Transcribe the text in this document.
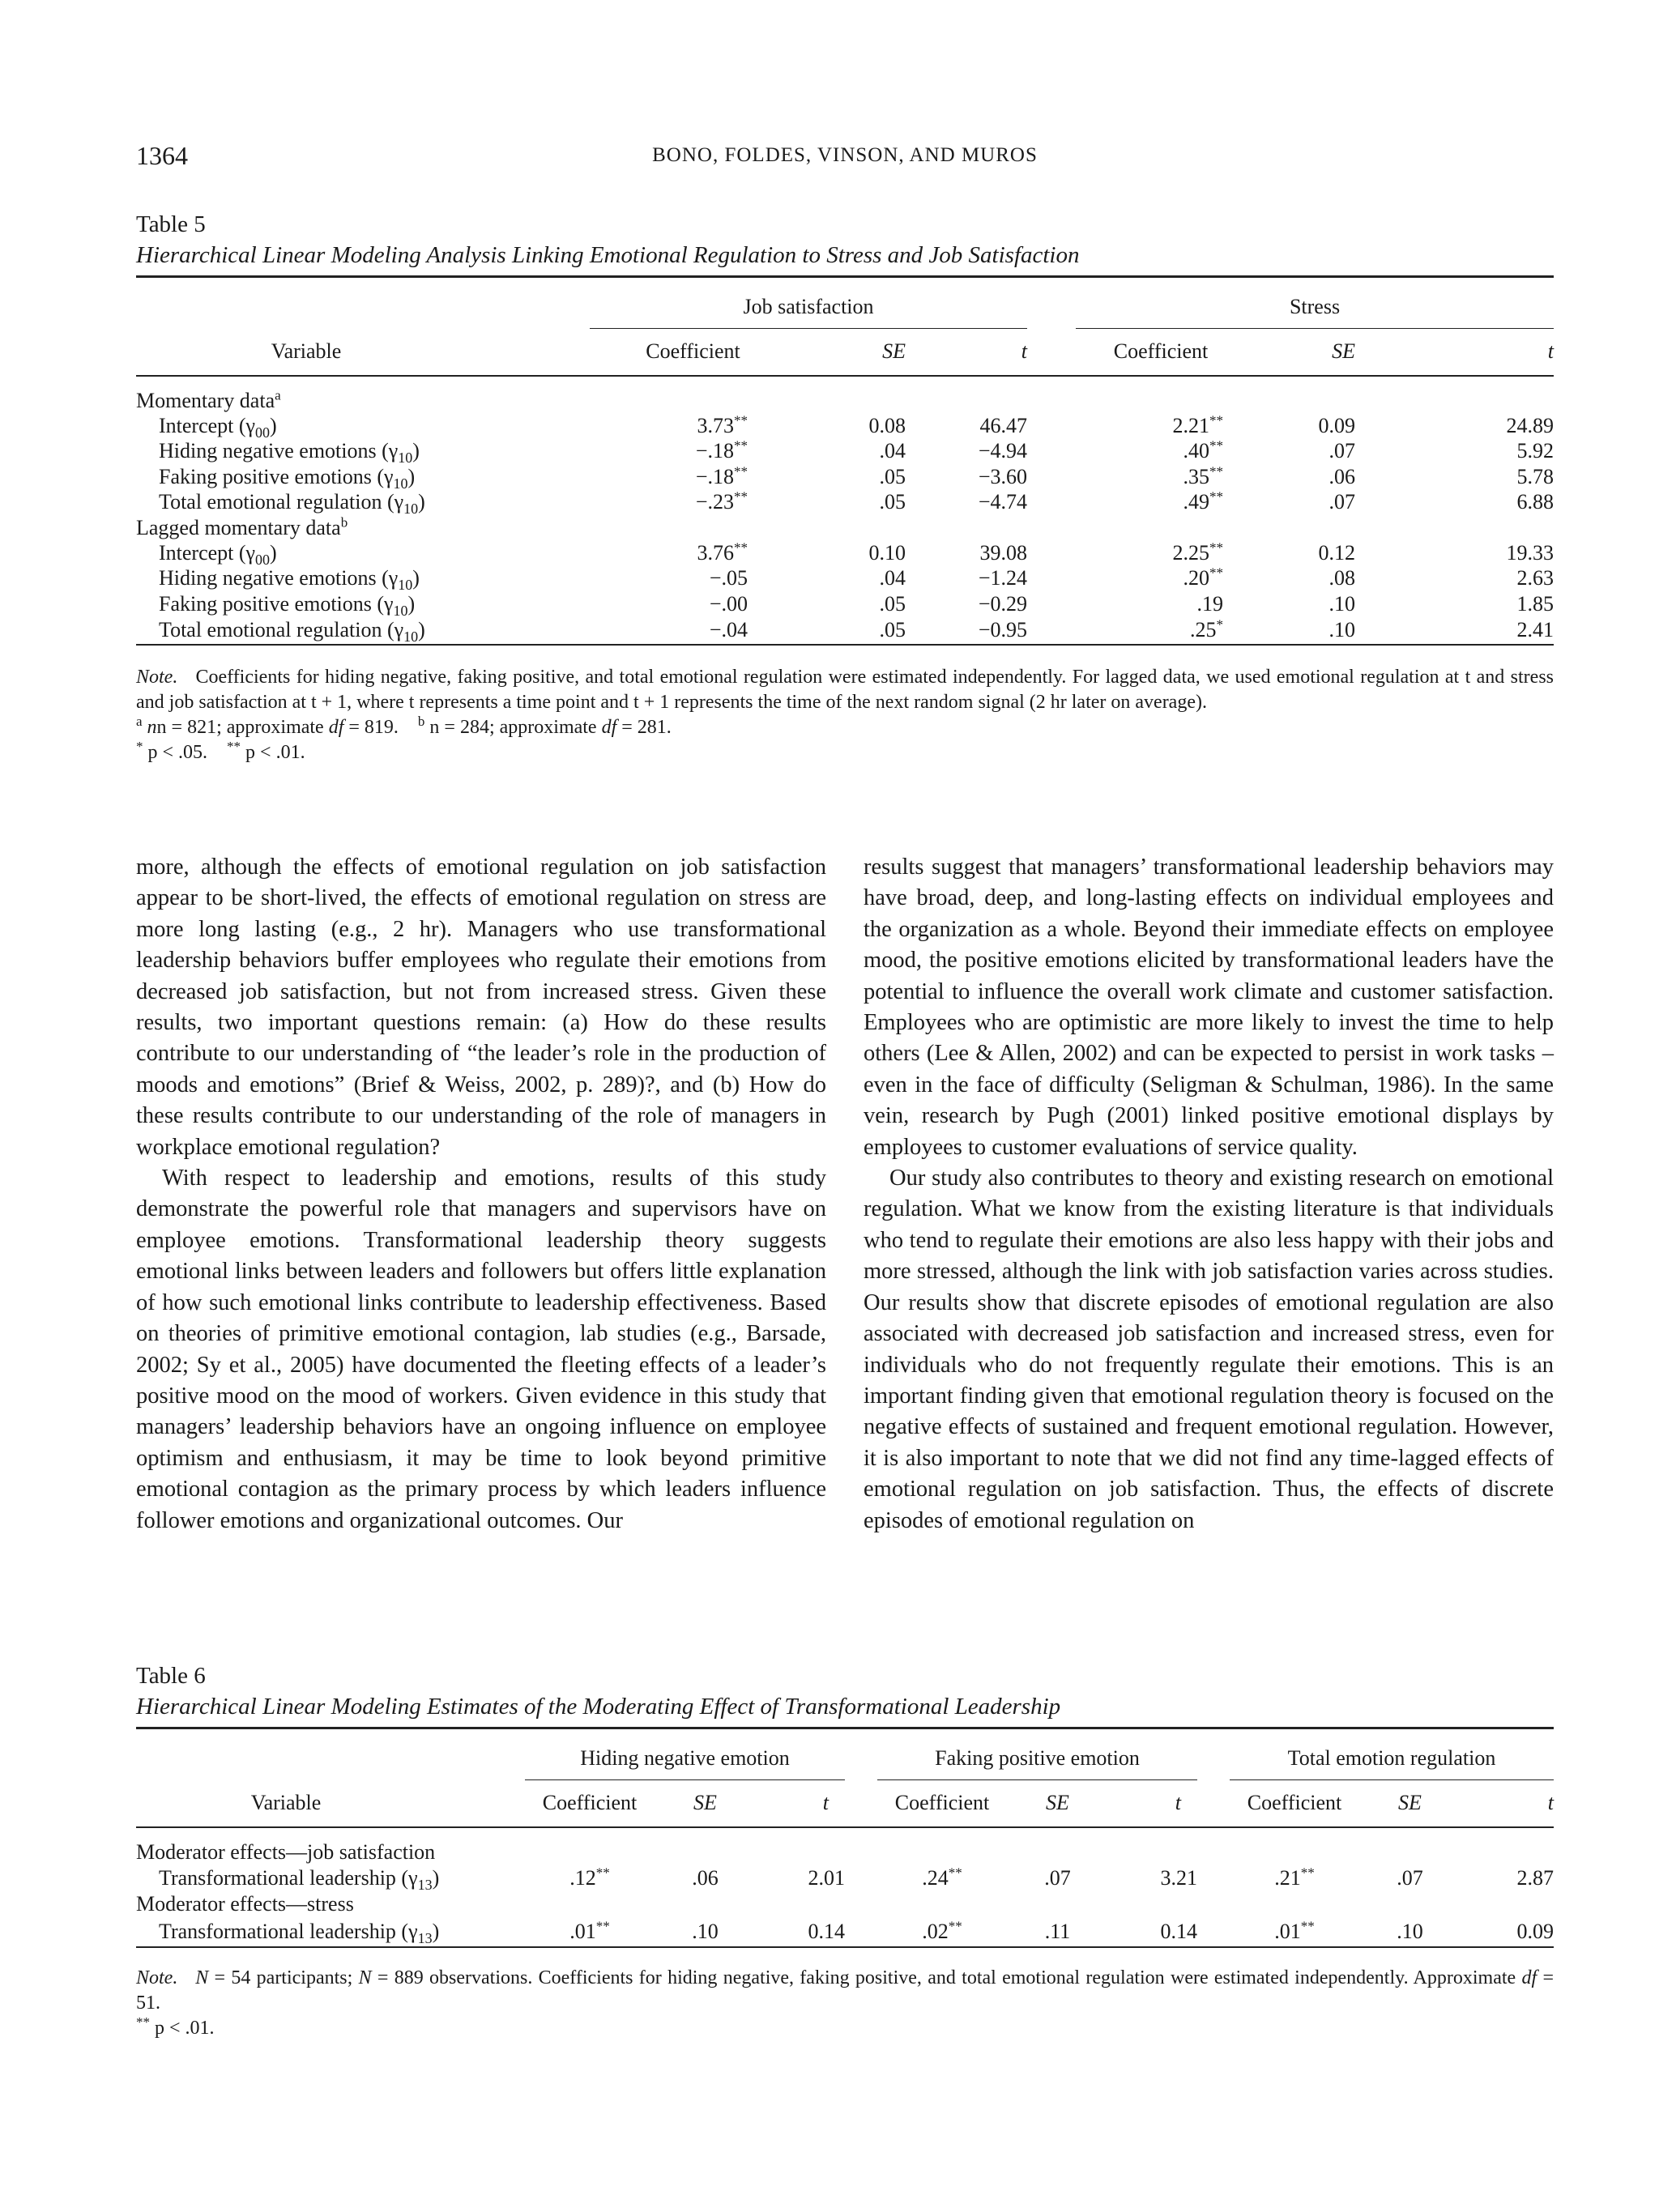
1364	BONO, FOLDES, VINSON, AND MUROS
Table 5
Hierarchical Linear Modeling Analysis Linking Emotional Regulation to Stress and Job Satisfaction
	Job satisfaction				Stress		
Variable	Coefficient	SE	t		Coefficient	SE	t

Momentary data$^a$
Intercept $(\gamma_{00})$	3.73**	0.08	46.47		2.21**	0.09	24.89
Hiding negative emotions $(\gamma_{10})$	−.18**	.04	−4.94		.40**	.07	5.92
Faking positive emotions $(\gamma_{10})$	−.18**	.05	−3.60		.35**	.06	5.78
Total emotional regulation $(\gamma_{10})$	−.23**	.05	−4.74		.49**	.07	6.88
Lagged momentary data$^b$
Intercept $(\gamma_{00})$	3.76**	0.10	39.08		2.25**	0.12	19.33
Hiding negative emotions $(\gamma_{10})$	−.05	.04	−1.24		.20**	.08	2.63
Faking positive emotions $(\gamma_{10})$	−.00	.05	−0.29		.19	.10	1.85
Total emotional regulation $(\gamma_{10})$	−.04	.05	−0.95		.25*	.10	2.41
Note. Coefficients for hiding negative, faking positive, and total emotional regulation were estimated independently. For lagged data, we used emotional regulation at t and stress and job satisfaction at t + 1, where t represents a time point and t + 1 represents the time of the next random signal (2 hr later on average).
$^a$ nn = 821; approximate df = 819. $^b$ n = 284; approximate df = 281.
* p < .05. ** p < .01.

more, although the effects of emotional regulation on job satisfaction appear to be short-lived, the effects of emotional regulation on stress are more long lasting (e.g., 2 hr). Managers who use transformational leadership behaviors buffer employees who regulate their emotions from decreased job satisfaction, but not from increased stress. Given these results, two important questions remain: (a) How do these results contribute to our understanding of “the leader’s role in the production of moods and emotions” (Brief & Weiss, 2002, p. 289)?, and (b) How do these results contribute to our understanding of the role of managers in workplace emotional regulation?

With respect to leadership and emotions, results of this study demonstrate the powerful role that managers and supervisors have on employee emotions. Transformational leadership theory suggests emotional links between leaders and followers but offers little explanation of how such emotional links contribute to leadership effectiveness. Based on theories of primitive emotional contagion, lab studies (e.g., Barsade, 2002; Sy et al., 2005) have documented the fleeting effects of a leader’s positive mood on the mood of workers. Given evidence in this study that managers’ leadership behaviors have an ongoing influence on employee optimism and enthusiasm, it may be time to look beyond primitive emotional contagion as the primary process by which leaders influence follower emotions and organizational outcomes. Our

results suggest that managers’ transformational leadership behaviors may have broad, deep, and long-lasting effects on individual employees and the organization as a whole. Beyond their immediate effects on employee mood, the positive emotions elicited by transformational leaders have the potential to influence the overall work climate and customer satisfaction. Employees who are optimistic are more likely to invest the time to help others (Lee & Allen, 2002) and can be expected to persist in work tasks – even in the face of difficulty (Seligman & Schulman, 1986). In the same vein, research by Pugh (2001) linked positive emotional displays by employees to customer evaluations of service quality.

Our study also contributes to theory and existing research on emotional regulation. What we know from the existing literature is that individuals who tend to regulate their emotions are also less happy with their jobs and more stressed, although the link with job satisfaction varies across studies. Our results show that discrete episodes of emotional regulation are also associated with decreased job satisfaction and increased stress, even for individuals who do not frequently regulate their emotions. This is an important finding given that emotional regulation theory is focused on the negative effects of sustained and frequent emotional regulation. However, it is also important to note that we did not find any time-lagged effects of emotional regulation on job satisfaction. Thus, the effects of discrete episodes of emotional regulation on

Table 6
Hierarchical Linear Modeling Estimates of the Moderating Effect of Transformational Leadership
	Hiding negative emotion				Faking positive emotion				Total emotion regulation		
Variable	Coefficient	SE	t		Coefficient	SE	t		Coefficient	SE	t

Moderator effects—job satisfaction											
Transformational leadership $(\gamma_{13})$	.12**	.06	2.01		.24**	.07	3.21		.21**	.07	2.87
Moderator effects—stress											
Transformational leadership $(\gamma_{13})$	.01**	.10	0.14		.02**	.11	0.14		.01**	.10	0.09
Note. N = 54 participants; N = 889 observations. Coefficients for hiding negative, faking positive, and total emotional regulation were estimated independently. Approximate df = 51.
** p < .01.
